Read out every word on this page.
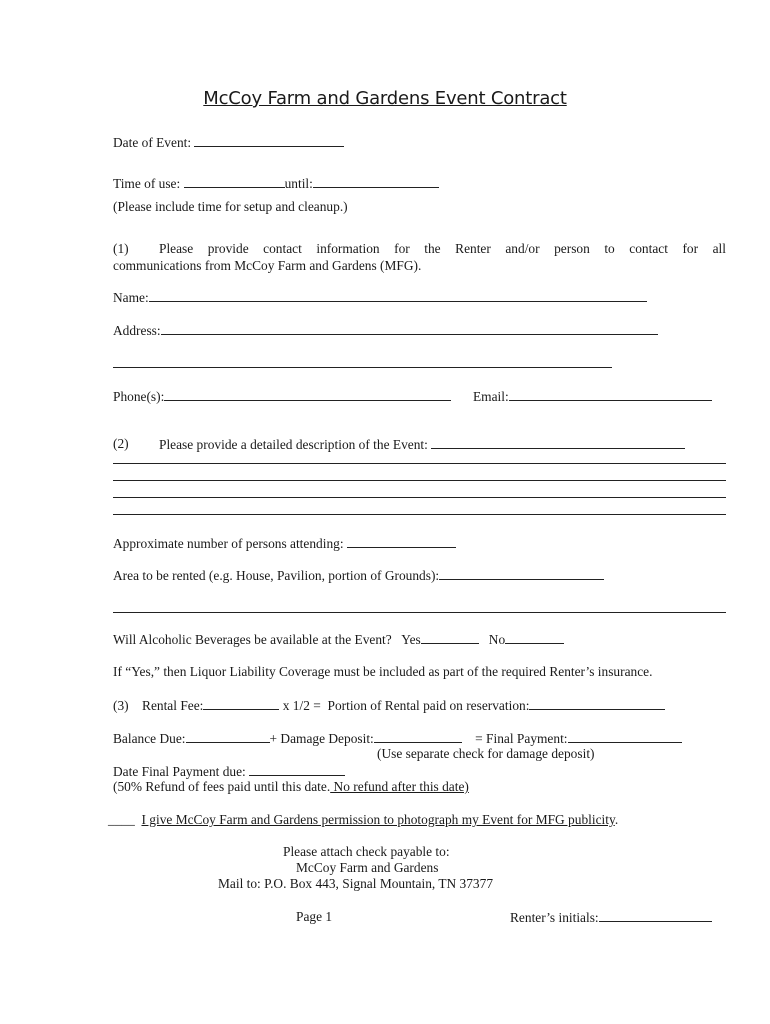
McCoy Farm and Gardens Event Contract
Date of Event:
Time of use:	until:
(Please include time for setup and cleanup.)
(1) Please provide contact information for the Renter and/or person to contact for all
communications from McCoy Farm and Gardens (MFG).
Name:
Address:
Phone(s):	Email:
(2) Please provide a detailed description of the Event:
Approximate number of persons attending:
Area to be rented (e.g. House, Pavilion, portion of Grounds):
Will Alcoholic Beverages be available at the Event? Yes	No
If “Yes,” then Liquor Liability Coverage must be included as part of the required Renter’s insurance.
(3) Rental Fee:	x 1/2 = Portion of Rental paid on reservation:
Balance Due:	+ Damage Deposit:	= Final Payment:
(Use separate check for damage deposit)
Date Final Payment due:
(50% Refund of fees paid until this date. No refund after this date)
____ I give McCoy Farm and Gardens permission to photograph my Event for MFG publicity.
Please attach check payable to:
McCoy Farm and Gardens
Mail to: P.O. Box 443, Signal Mountain, TN 37377
Page 1	Renter’s initials:
